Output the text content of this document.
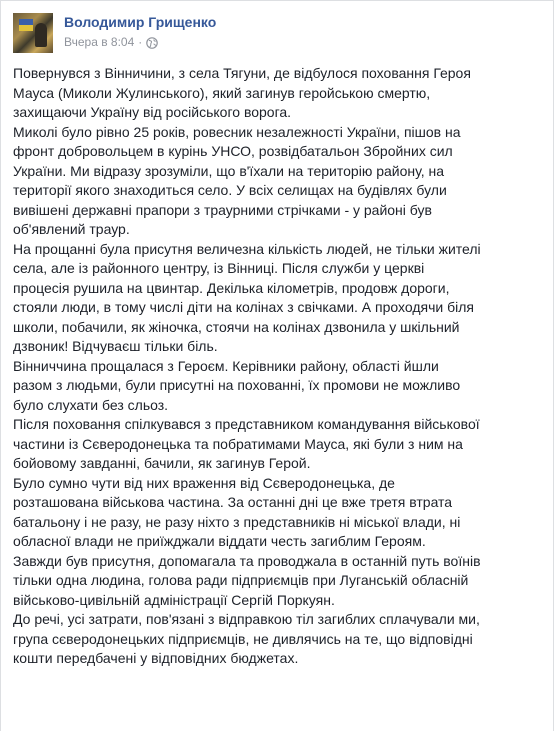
Володимир Грищенко
Вчера в 8:04 ·

Повернувся з Вінничини, з села Тягуни, де відбулося поховання Героя
Мауса (Миколи Жулинського), який загинув геройською смертю,
захищаючи Україну від російського ворога.

Миколі було рівно 25 років, ровесник незалежності України, пішов на
фронт добровольцем в курінь УНСО, розвідбатальон Збройних сил
України. Ми відразу зрозуміли, що в'їхали на територію району, на
території якого знаходиться село. У всіх селищах на будівлях були
вивішені державні прапори з траурними стрічками - у районі був
об'явлений траур.

На прощанні була присутня величезна кількість людей, не тільки жителі
села, але із районного центру, із Вінниці. Після служби у церкві
процесія рушила на цвинтар. Декілька кілометрів, продовж дороги,
стояли люди, в тому числі діти на колінах з свічками. А проходячи біля
школи, побачили, як жіночка, стоячи на колінах дзвонила у шкільний
дзвоник! Відчуваєш тільки біль.

Вінниччина прощалася з Героєм. Керівники району, області йшли
разом з людьми, були присутні на похованні, їх промови не можливо
було слухати без сльоз.

Після поховання спілкувався з представником командування військової
частини із Сєверодонецька та побратимами Мауса, які були з ним на
бойовому завданні, бачили, як загинув Герой.

Було сумно чути від них враження від Сєверодонецька, де
розташована військова частина. За останні дні це вже третя втрата
батальону і не разу, не разу ніхто з представників ні міської влади, ні
обласної влади не приїжджали віддати честь загиблим Героям.

Завжди був присутня, допомагала та проводжала в останній путь воїнів
тільки одна людина, голова ради підприємців при Луганській обласній
військово-цивільній адміністрації Сергій Поркуян.

До речі, усі затрати, пов'язані з відправкою тіл загиблих сплачували ми,
група сєверодонецьких підприємців, не дивлячись на те, що відповідні
кошти передбачені у відповідних бюджетах.
